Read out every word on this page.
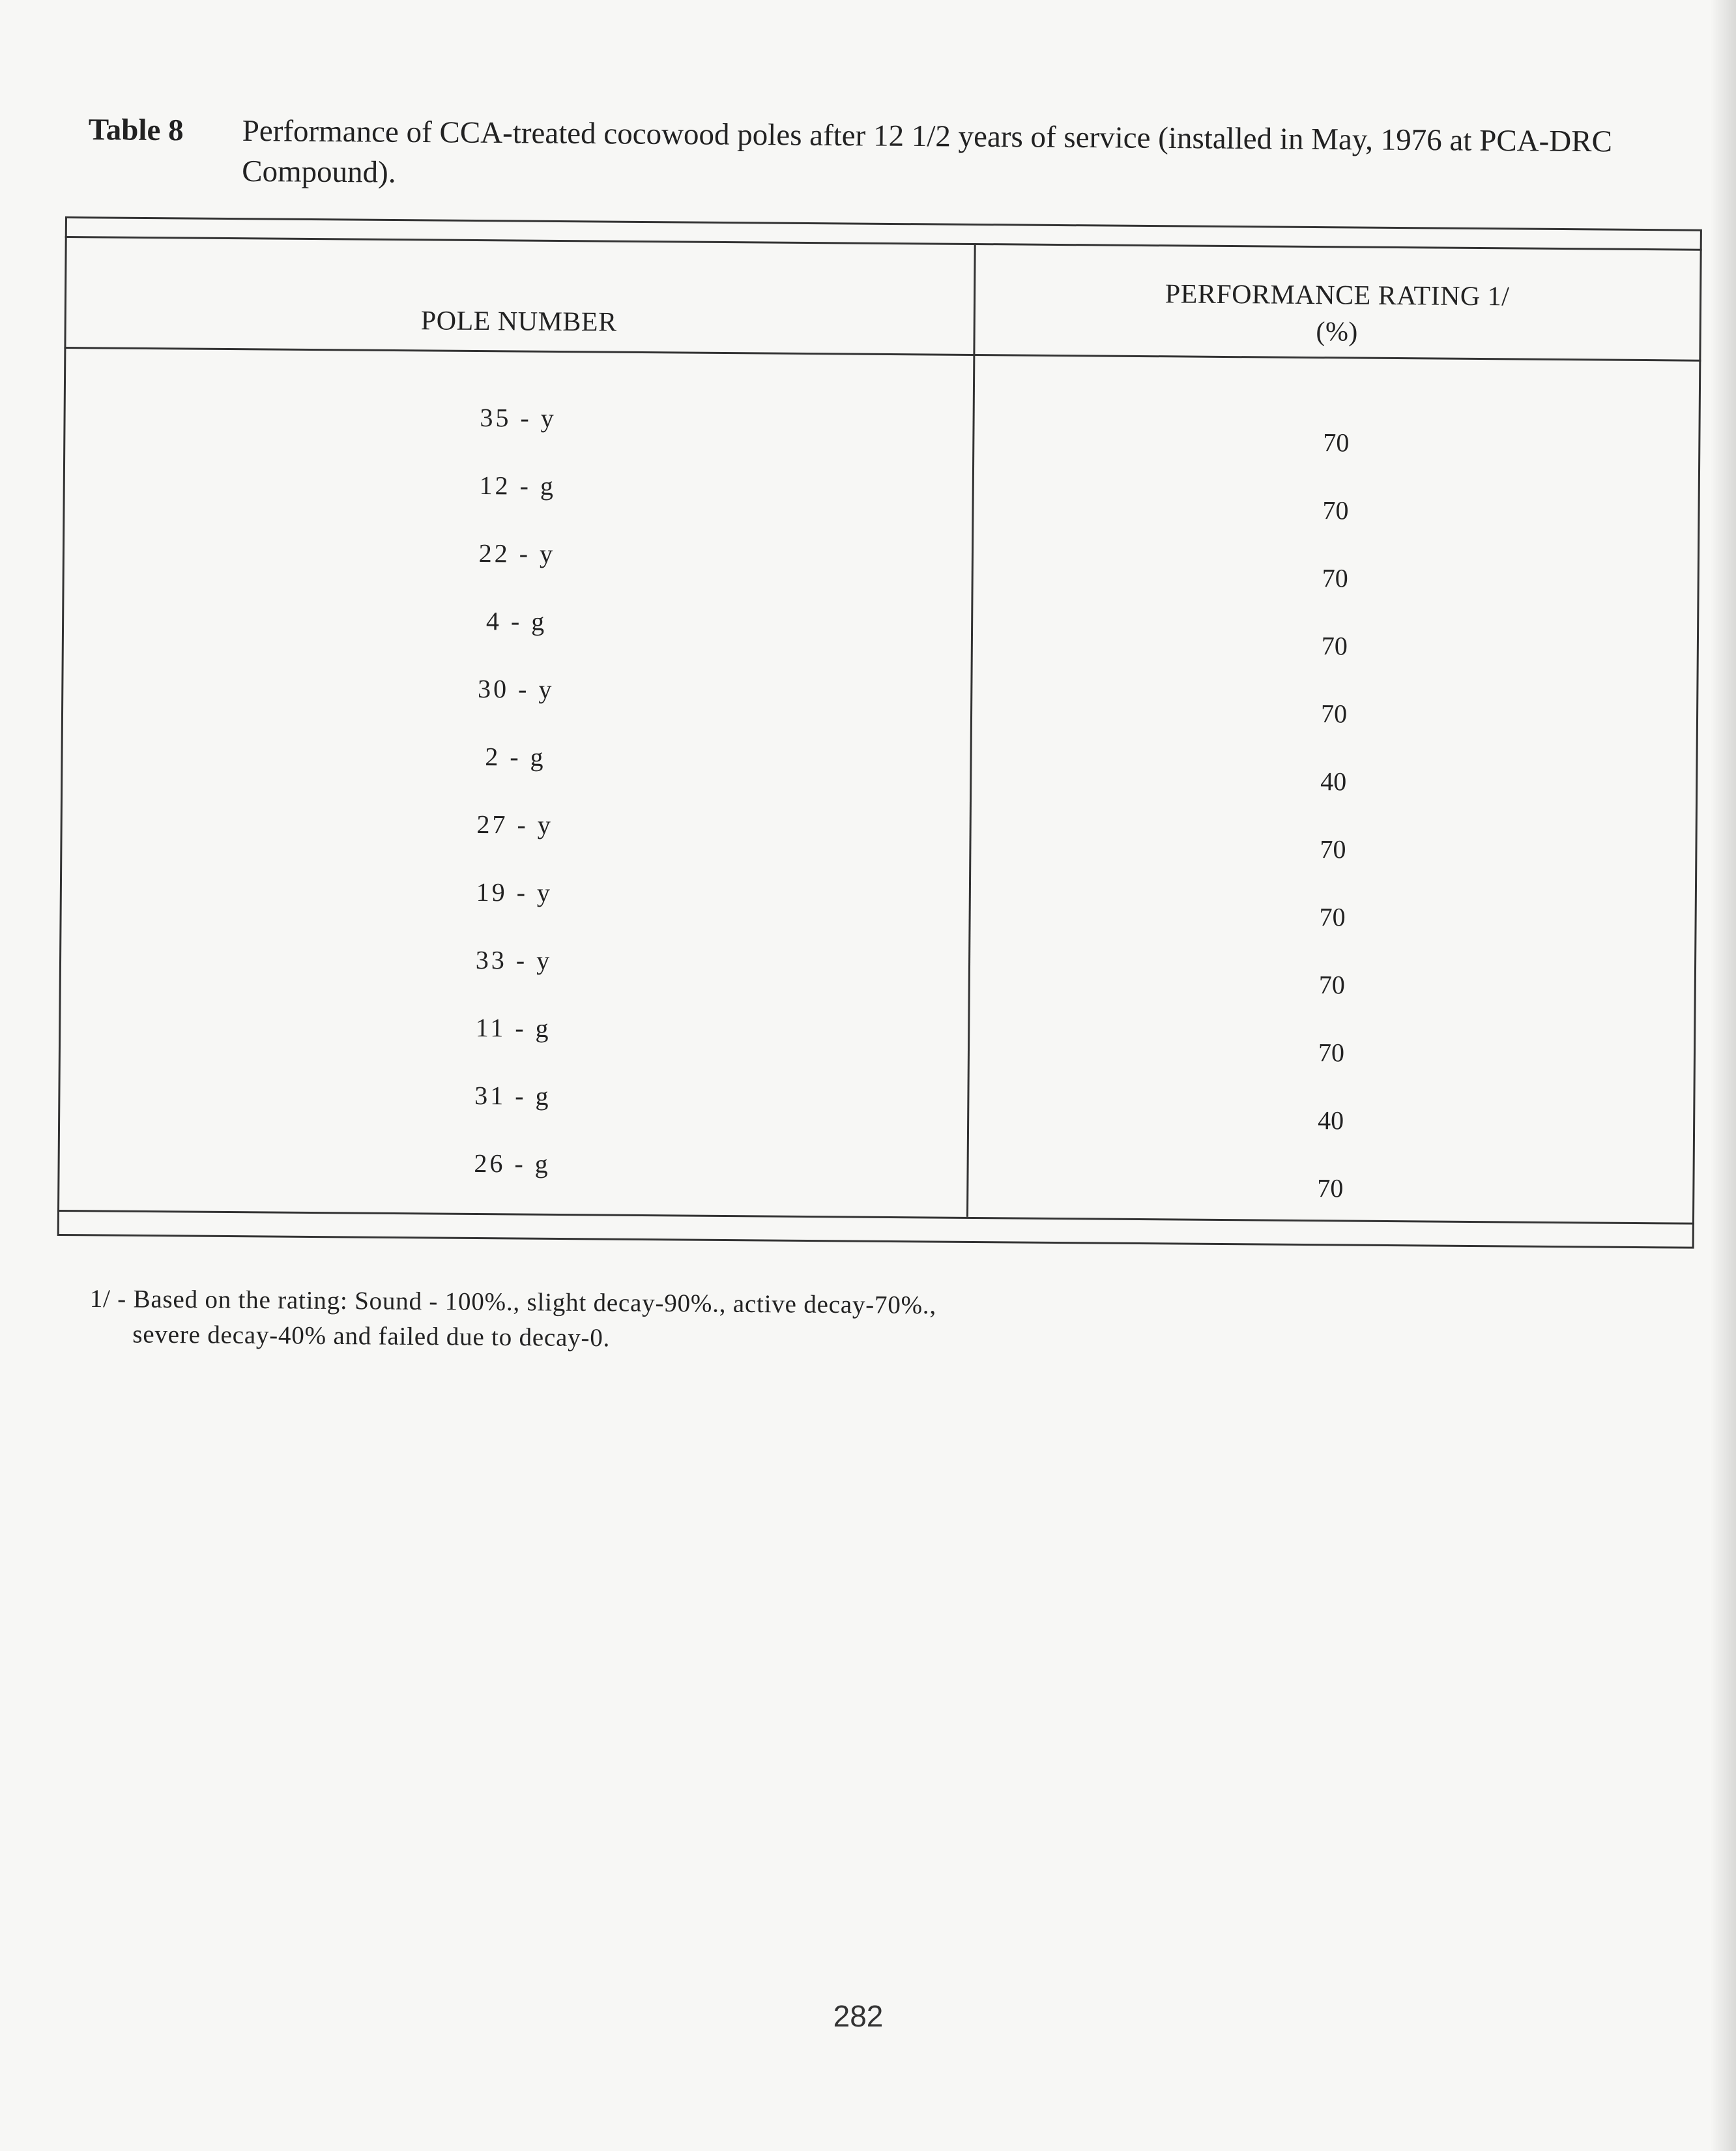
Table 8 Performance of CCA-treated cocowood poles after 12 1/2 years of service (installed in May, 1976 at PCA-DRC Compound).
POLE NUMBER
PERFORMANCE RATING 1/
(%)
35 - y
70
12 - g
70
22 - y
70
4 - g
70
30 - y
70
2 - g
40
27 - y
70
19 - y
70
33 - y
70
11 - g
70
31 - g
40
26 - g
70
1/ - Based on the rating: Sound - 100%., slight decay-90%., active decay-70%.,
severe decay-40% and failed due to decay-0.
282
